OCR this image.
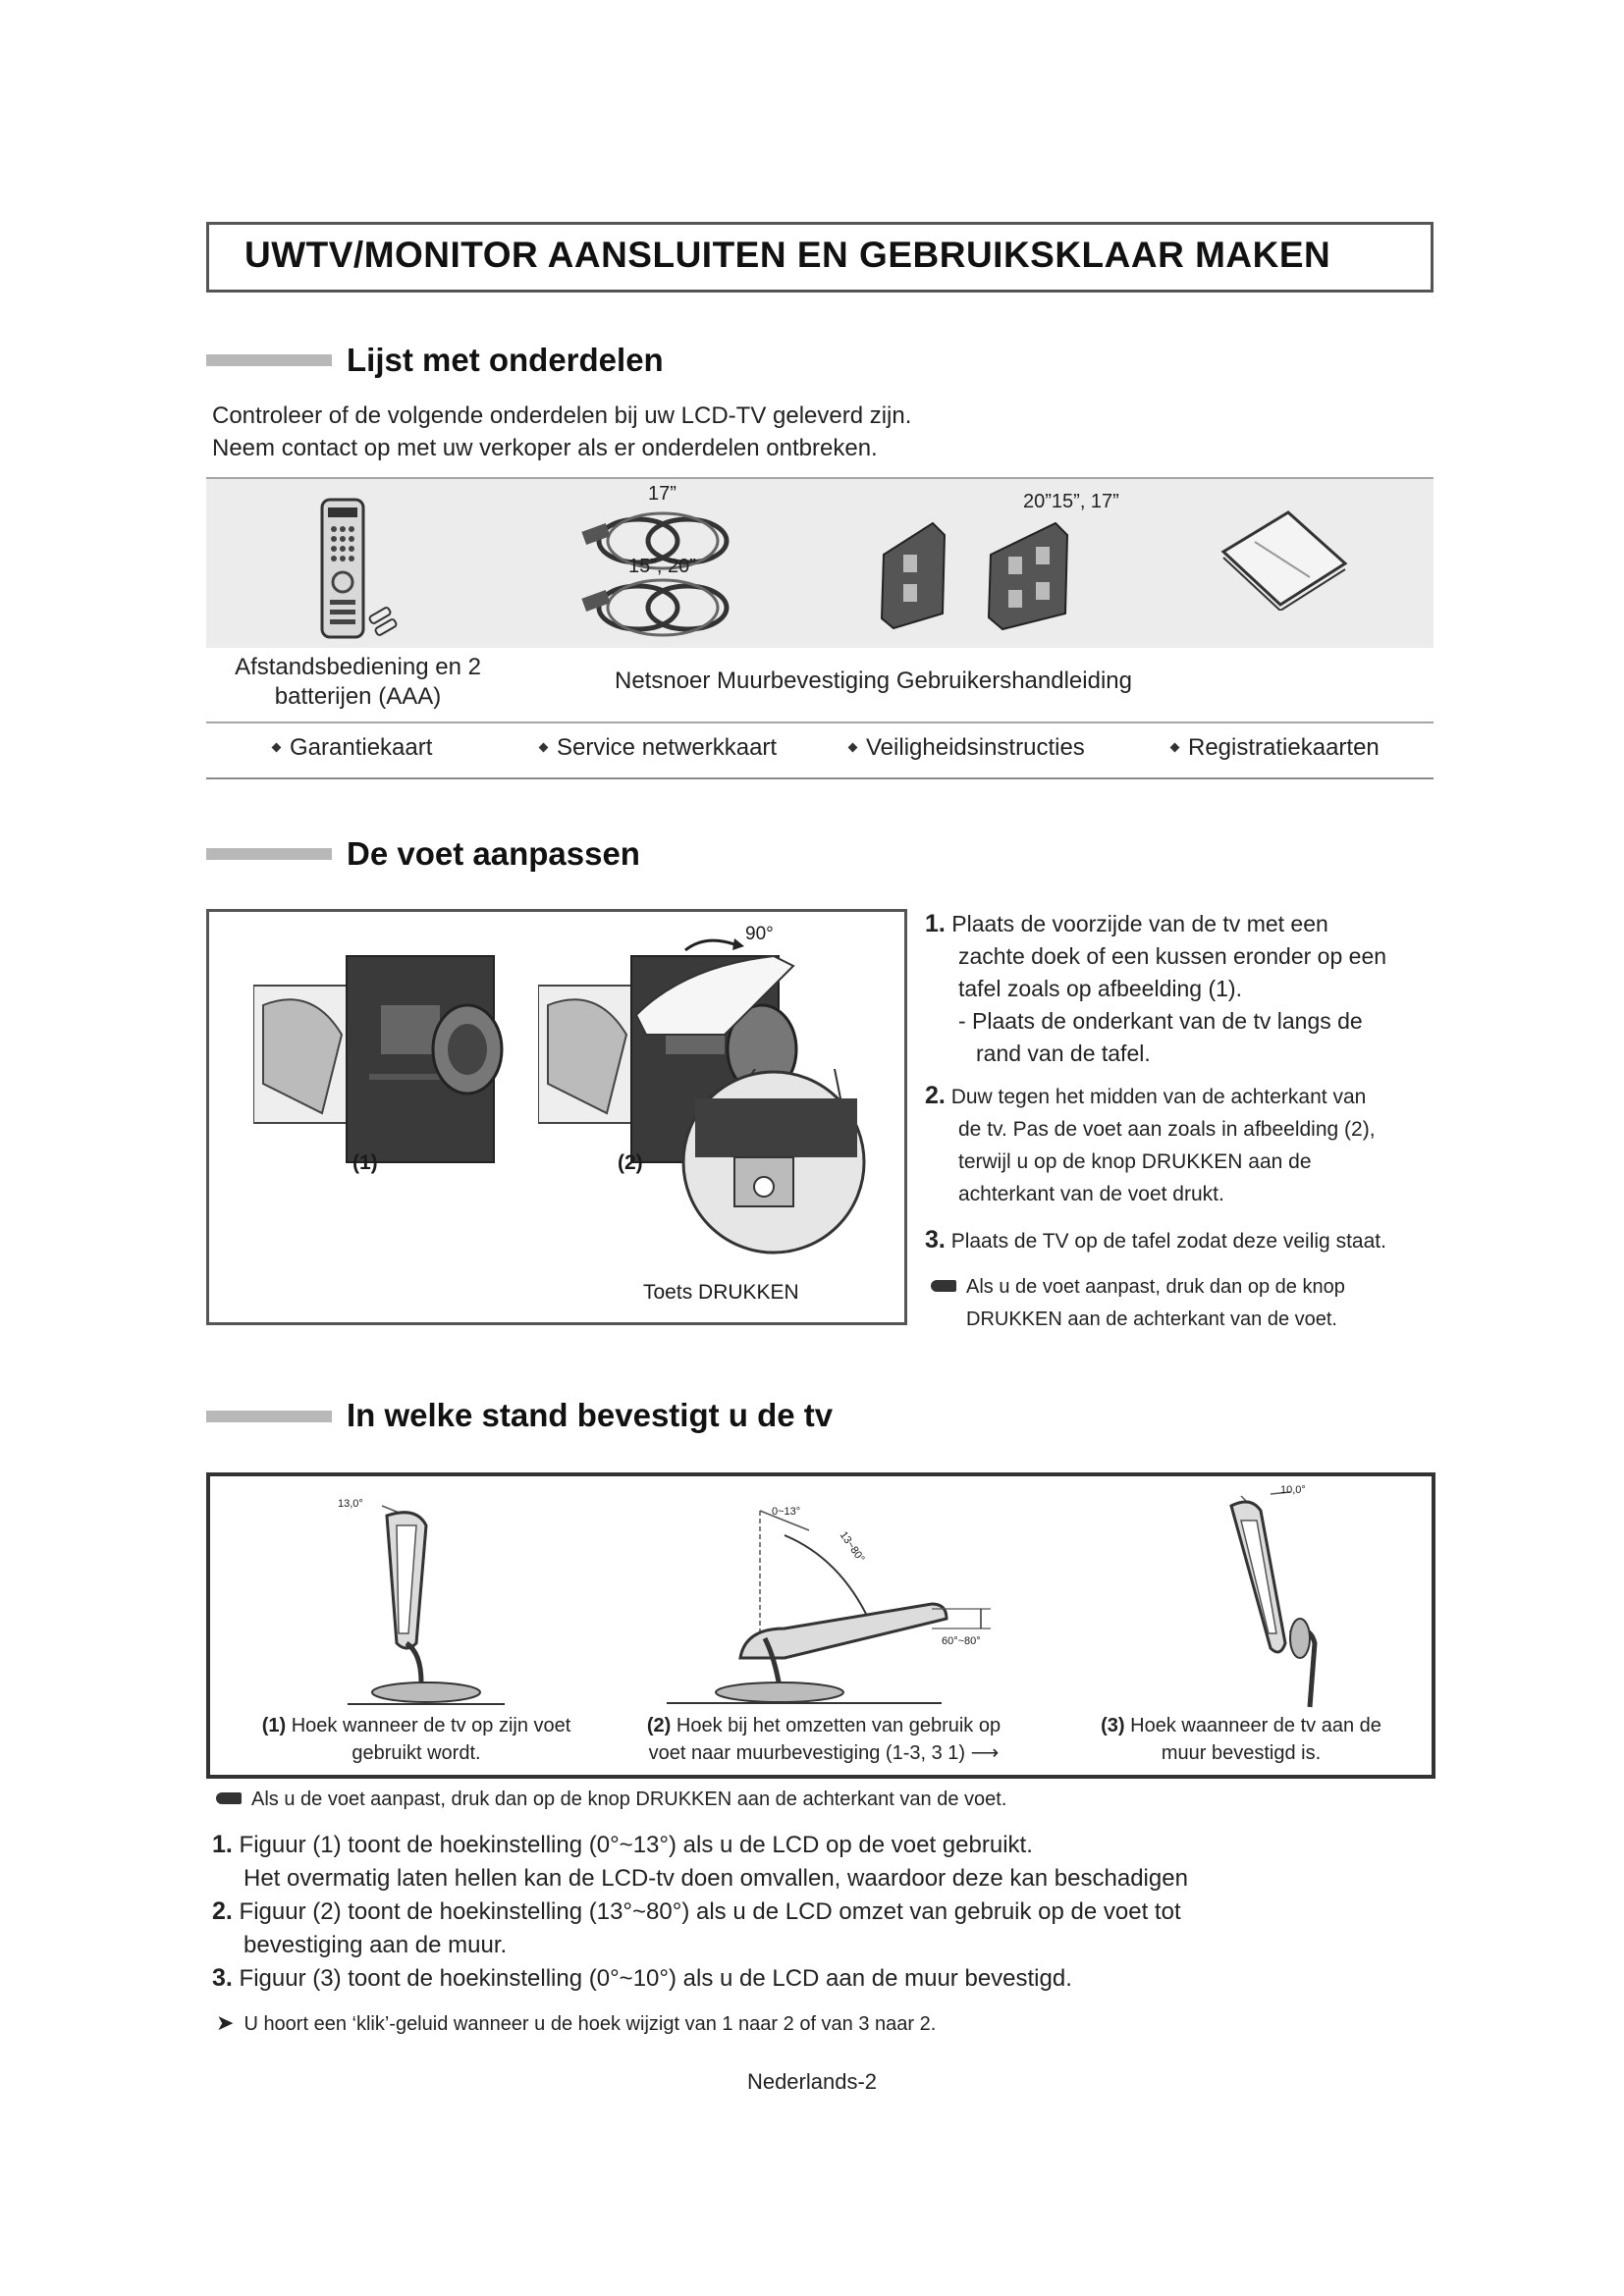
UWTV/MONITOR AANSLUITEN EN GEBRUIKSKLAAR MAKEN
Lijst met onderdelen
Controleer of de volgende onderdelen bij uw LCD-TV geleverd zijn.
Neem contact op met uw verkoper als er onderdelen ontbreken.
17”
15”, 20”
20”15”, 17”
Afstandsbediening en 2
batterijen (AAA)
Netsnoer Muurbevestiging Gebruikershandleiding
Garantiekaart	Service netwerkkaart	Veiligheidsinstructies	Registratiekaarten
De voet aanpassen
(1)
90°
(2)
Toets DRUKKEN
1. Plaats de voorzijde van de tv met een
zachte doek of een kussen eronder op een
tafel zoals op afbeelding (1).
- Plaats de onderkant van de tv langs de
rand van de tafel.
2. Duw tegen het midden van de achterkant van
de tv. Pas de voet aan zoals in afbeelding (2),
terwijl u op de knop DRUKKEN aan de
achterkant van de voet drukt.
3. Plaats de TV op de tafel zodat deze veilig staat.
Als u de voet aanpast, druk dan op de knop
DRUKKEN aan de achterkant van de voet.
In welke stand bevestigt u de tv
13,0°
0~13°
13~80°
60°~80°
10,0°
(1) Hoek wanneer de tv op zijn voet
gebruikt wordt.
(2) Hoek bij het omzetten van gebruik op
voet naar muurbevestiging (1-3, 3 1) ⟶
(3) Hoek waanneer de tv aan de
muur bevestigd is.
Als u de voet aanpast, druk dan op de knop DRUKKEN aan de achterkant van de voet.
1. Figuur (1) toont de hoekinstelling (0°~13°) als u de LCD op de voet gebruikt.
Het overmatig laten hellen kan de LCD-tv doen omvallen, waardoor deze kan beschadigen
2. Figuur (2) toont de hoekinstelling (13°~80°) als u de LCD omzet van gebruik op de voet tot
bevestiging aan de muur.
3. Figuur (3) toont de hoekinstelling (0°~10°) als u de LCD aan de muur bevestigd.
➤ U hoort een ‘klik’-geluid wanneer u de hoek wijzigt van 1 naar 2 of van 3 naar 2.
Nederlands-2
